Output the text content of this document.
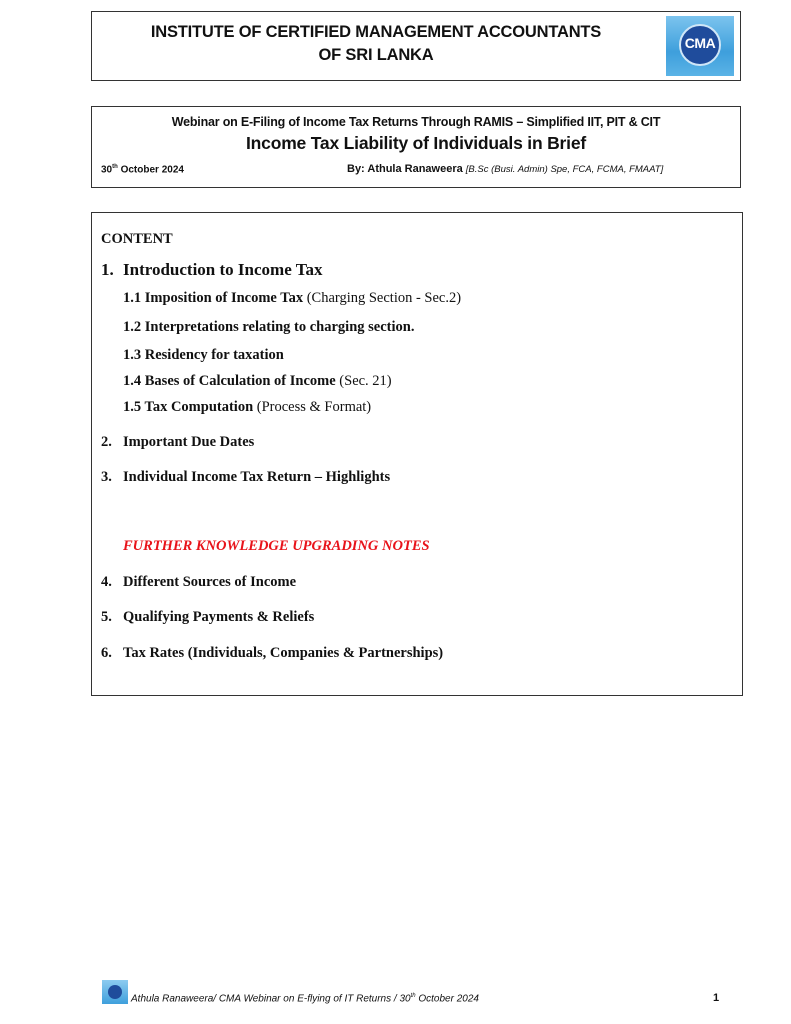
INSTITUTE OF CERTIFIED MANAGEMENT ACCOUNTANTS
OF SRI LANKA
CMA
Webinar on E-Filing of Income Tax Returns Through RAMIS – Simplified IIT, PIT & CIT
Income Tax Liability of Individuals in Brief
30th October 2024	By: Athula Ranaweera [B.Sc (Busi. Admin) Spe, FCA, FCMA, FMAAT]
CONTENT
1. Introduction to Income Tax
1.1 Imposition of Income Tax (Charging Section - Sec.2)
1.2 Interpretations relating to charging section.
1.3 Residency for taxation
1.4 Bases of Calculation of Income (Sec. 21)
1.5 Tax Computation (Process & Format)
2. Important Due Dates
3. Individual Income Tax Return – Highlights
FURTHER KNOWLEDGE UPGRADING NOTES
4. Different Sources of Income
5. Qualifying Payments & Reliefs
6. Tax Rates (Individuals, Companies & Partnerships)
Athula Ranaweera/ CMA Webinar on E-flying of IT Returns / 30th October 2024	1
